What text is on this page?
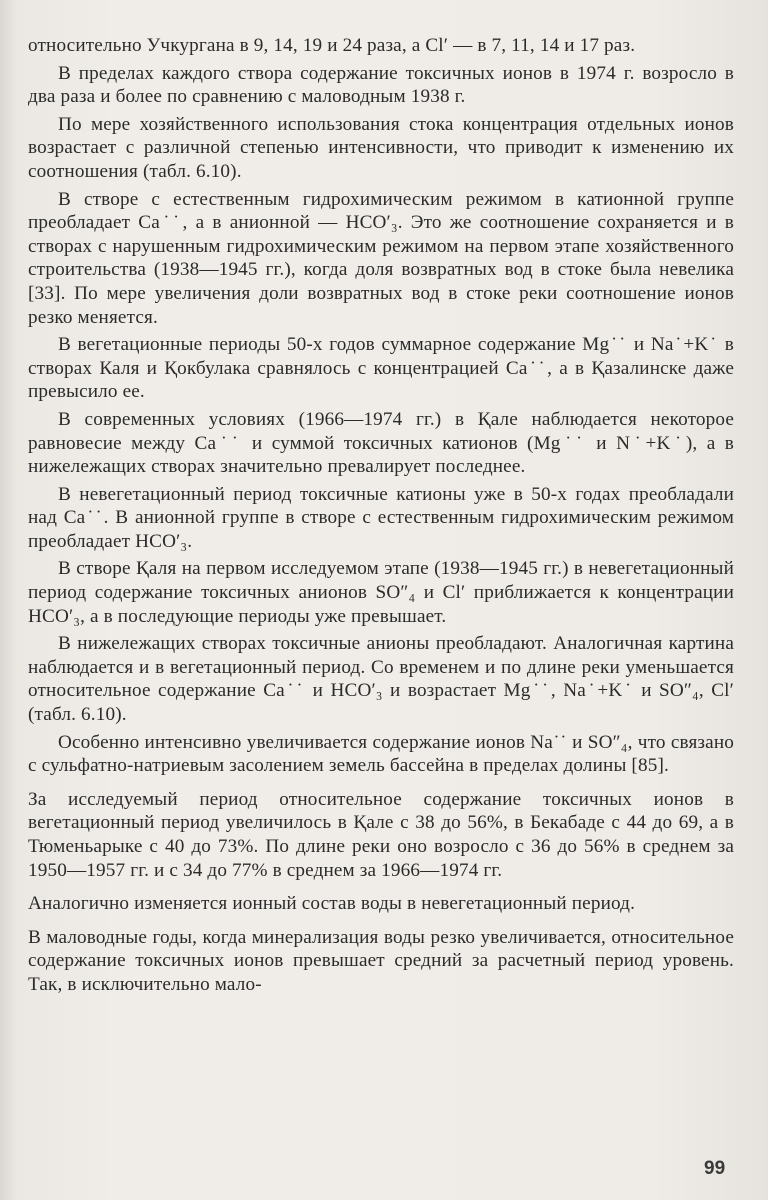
относительно Учкургана в 9, 14, 19 и 24 раза, а Cl′ — в 7, 11, 14 и 17 раз.

В пределах каждого створа содержание токсичных ионов в 1974 г. возросло в два раза и более по сравнению с маловодным 1938 г.

По мере хозяйственного использования стока концентрация отдельных ионов возрастает с различной степенью интенсивности, что приводит к изменению их соотношения (табл. 6.10).

В створе с естественным гидрохимическим режимом в катионной группе преобладает Ca˙˙, а в анионной — HCO′₃. Это же соотношение сохраняется и в створах с нарушенным гидрохимическим режимом на первом этапе хозяйственного строительства (1938—1945 гг.), когда доля возвратных вод в стоке была невелика [33]. По мере увеличения доли возвратных вод в стоке реки соотношение ионов резко меняется.

В вегетационные периоды 50-х годов суммарное содержание Mg˙˙ и Na˙+K˙ в створах Каля и Қокбулака сравнялось с концентрацией Ca˙˙, а в Қазалинске даже превысило ее.

В современных условиях (1966—1974 гг.) в Қале наблюдается некоторое равновесие между Ca˙˙ и суммой токсичных катионов (Mg˙˙ и N˙+K˙), а в нижележащих створах значительно превалирует последнее.

В невегетационный период токсичные катионы уже в 50-х годах преобладали над Ca˙˙. В анионной группе в створе с естественным гидрохимическим режимом преобладает HCO′₃.

В створе Қаля на первом исследуемом этапе (1938—1945 гг.) в невегетационный период содержание токсичных анионов SO″₄ и Cl′ приближается к концентрации HCO′₃, а в последующие периоды уже превышает.

В нижележащих створах токсичные анионы преобладают. Аналогичная картина наблюдается и в вегетационный период. Со временем и по длине реки уменьшается относительное содержание Ca˙˙ и HCO′₃ и возрастает Mg˙˙, Na˙+K˙ и SO″₄, Cl′ (табл. 6.10).

Особенно интенсивно увеличивается содержание ионов Na˙˙ и SO″₄, что связано с сульфатно-натриевым засолением земель бассейна в пределах долины [85].

За исследуемый период относительное содержание токсичных ионов в вегетационный период увеличилось в Қале с 38 до 56%, в Бекабаде с 44 до 69, а в Тюменьарыке с 40 до 73%. По длине реки оно возросло с 36 до 56% в среднем за 1950—1957 гг. и с 34 до 77% в среднем за 1966—1974 гг.

Аналогично изменяется ионный состав воды в невегетационный период.

В маловодные годы, когда минерализация воды резко увеличивается, относительное содержание токсичных ионов превышает средний за расчетный период уровень. Так, в исключительно мало-

99
